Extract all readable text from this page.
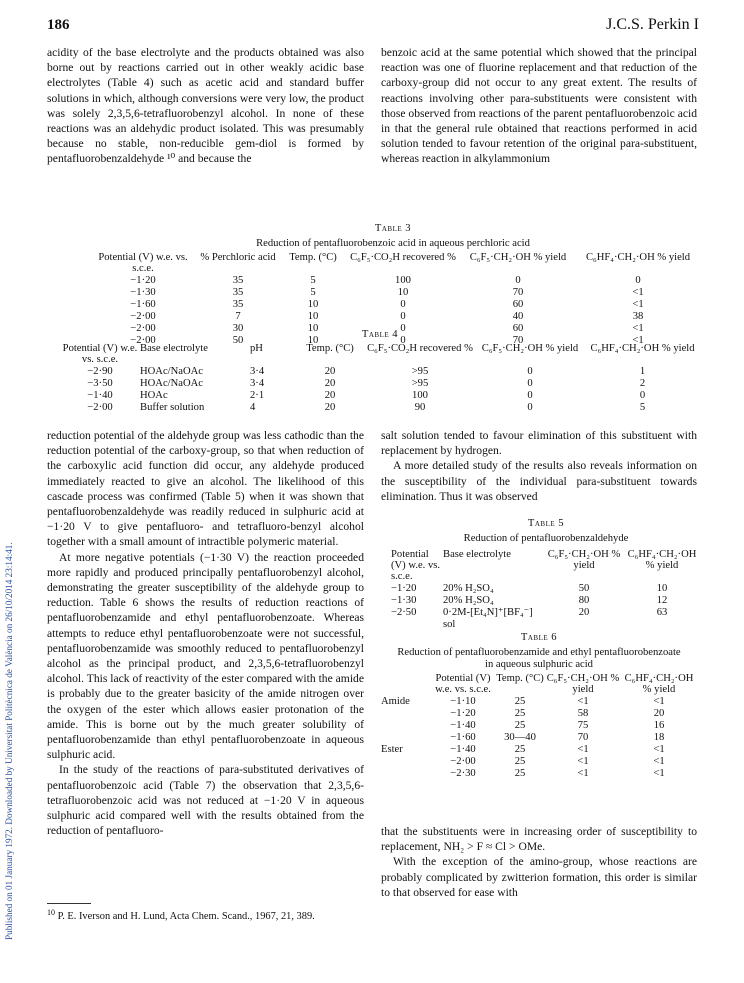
Published on 01 January 1972. Downloaded by Universitat Politècnica de València on 26/10/2014 23:14:41.
186	J.C.S. Perkin I

acidity of the base electrolyte and the products obtained was also borne out by reactions carried out in other weakly acidic base electrolytes (Table 4) such as acetic acid and standard buffer solutions in which, although conversions were very low, the product was solely 2,3,5,6-tetrafluorobenzyl alcohol. In none of these reactions was an aldehydic product isolated. This was presumably because no stable, non-reducible gem-diol is formed by pentafluorobenzaldehyde ¹⁰ and because the

benzoic acid at the same potential which showed that the principal reaction was one of fluorine replacement and that reduction of the carboxy-group did not occur to any great extent. The results of reactions involving other para-substituents were consistent with those observed from reactions of the parent pentafluorobenzoic acid in that the general rule obtained that reactions performed in acid solution tended to favour retention of the original para-substituent, whereas reaction in alkylammonium

Table 3
Reduction of pentafluorobenzoic acid in aqueous perchloric acid
Potential (V) w.e. vs. s.c.e.	% Perchloric acid	Temp. (°C)	C₆F₅·CO₂H recovered %	C₆F₅·CH₂·OH % yield	C₆HF₄·CH₂·OH % yield
−1·20	35	5	100	0	0
−1·30	35	5	10	70	<1
−1·60	35	10	0	60	<1
−2·00	7	10	0	40	38
−2·00	30	10	0	60	<1
−2·00	50	10	0	70	<1
Table 4
Potential (V) w.e. vs. s.c.e.	Base electrolyte	pH	Temp. (°C)	C₆F₅·CO₂H recovered %	C₆F₅·CH₂·OH % yield	C₆HF₄·CH₂·OH % yield
−2·90	HOAc/NaOAc	3·4	20	>95	0	1
−3·50	HOAc/NaOAc	3·4	20	>95	0	2
−1·40	HOAc	2·1	20	100	0	0
−2·00	Buffer solution	4	20	90	0	5

reduction potential of the aldehyde group was less cathodic than the reduction potential of the carboxy-group, so that when reduction of the carboxylic acid function did occur, any aldehyde produced immediately reacted to give an alcohol. The likelihood of this cascade process was confirmed (Table 5) when it was shown that pentafluorobenzaldehyde was readily reduced in sulphuric acid at −1·20 V to give pentafluoro- and tetrafluoro-benzyl alcohol together with a small amount of intractible polymeric material.

At more negative potentials (−1·30 V) the reaction proceeded more rapidly and produced principally pentafluorobenzyl alcohol, demonstrating the greater susceptibility of the aldehyde group to reduction. Table 6 shows the results of reduction reactions of pentafluorobenzamide and ethyl pentafluorobenzoate. Whereas attempts to reduce ethyl pentafluorobenzoate were not successful, pentafluorobenzamide was smoothly reduced to pentafluorobenzyl alcohol as the principal product, and 2,3,5,6-tetrafluorobenzyl alcohol. This lack of reactivity of the ester compared with the amide is probably due to the greater basicity of the amide nitrogen over the oxygen of the ester which allows easier protonation of the amide. This is borne out by the much greater solubility of pentafluorobenzamide than ethyl pentafluorobenzoate in aqueous sulphuric acid.

In the study of the reactions of para-substituted derivatives of pentafluorobenzoic acid (Table 7) the observation that 2,3,5,6-tetrafluorobenzoic acid was not reduced at −1·20 V in aqueous sulphuric acid compared well with the results obtained from the reduction of pentafluoro-

salt solution tended to favour elimination of this substituent with replacement by hydrogen.

A more detailed study of the results also reveals information on the susceptibility of the individual para-substituent towards elimination. Thus it was observed

Table 5
Reduction of pentafluorobenzaldehyde
Potential (V) w.e. vs. s.c.e.	Base electrolyte	C₆F₅·CH₂·OH % yield	C₆HF₄·CH₂·OH % yield
−1·20	20% H₂SO₄	50	10
−1·30	20% H₂SO₄	80	12
−2·50	0·2M-[Et₄N]⁺[BF₄⁻] sol	20	63
Table 6
Reduction of pentafluorobenzamide and ethyl pentafluorobenzoate in aqueous sulphuric acid
	Potential (V) w.e. vs. s.c.e.	Temp. (°C)	C₆F₅·CH₂·OH % yield	C₆HF₄·CH₂·OH % yield
Amide	−1·10	25	<1	<1
	−1·20	25	58	20
	−1·40	25	75	16
	−1·60	30—40	70	18
Ester	−1·40	25	<1	<1
	−2·00	25	<1	<1
	−2·30	25	<1	<1

that the substituents were in increasing order of susceptibility to replacement, NH₂ > F ≈ Cl > OMe.

With the exception of the amino-group, whose reactions are probably complicated by zwitterion formation, this order is similar to that observed for ease with

$^{10}$ P. E. Iverson and H. Lund, Acta Chem. Scand., 1967, 21, 389.
